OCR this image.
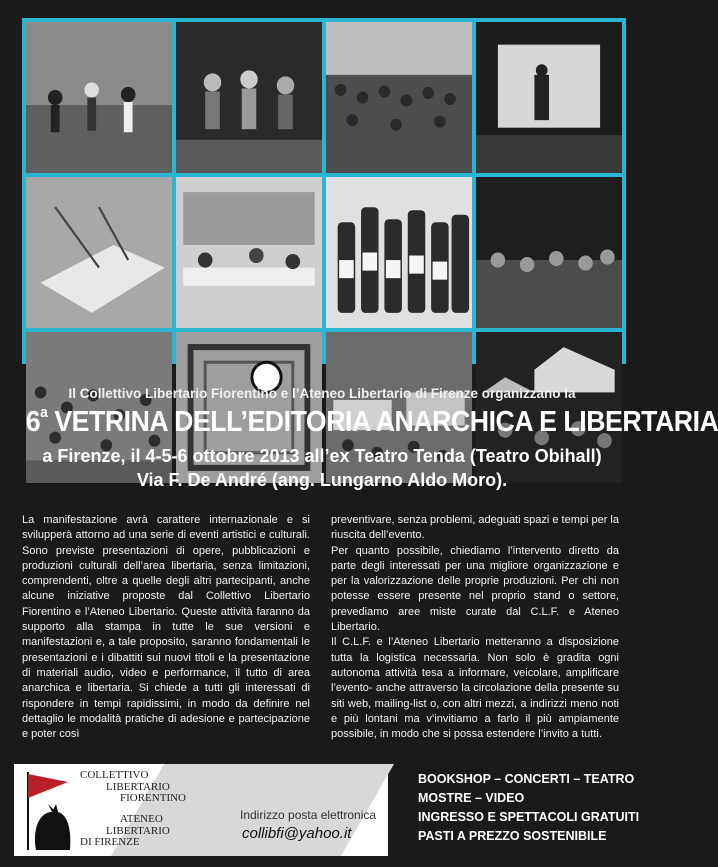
Il Collettivo Libertario Fiorentino e l’Ateneo Libertario di Firenze organizzano la
6$^a$ VETRINA DELL’EDITORIA ANARCHICA E LIBERTARIA
a Firenze, il 4-5-6 ottobre 2013 all’ex Teatro Tenda (Teatro Obihall)
Via F. De André (ang. Lungarno Aldo Moro).

La manifestazione avrà carattere internazionale e si svilupperà attorno ad una serie di eventi artistici e culturali. Sono previste presentazioni di opere, pubblicazioni e produzioni culturali dell’area libertaria, senza limitazioni, comprendenti, oltre a quelle degli altri partecipanti, anche alcune iniziative proposte dal Collettivo Libertario Fiorentino e l’Ateneo Libertario. Queste attività faranno da supporto alla stampa in tutte le sue versioni e manifestazioni e, a tale proposito, saranno fondamentali le presentazioni e i dibattiti sui nuovi titoli e la presentazione di materiali audio, video e performance, il tutto di area anarchica e libertaria. Si chiede a tutti gli interessati di rispondere in tempi rapidissimi, in modo da definire nel dettaglio le modalità pratiche di adesione e partecipazione e poter così

preventivare, senza problemi, adeguati spazi e tempi per la riuscita dell’evento.

Per quanto possibile, chiediamo l’intervento diretto da parte degli interessati per una migliore organizzazione e per la valorizzazione delle proprie produzioni. Per chi non potesse essere presente nel proprio stand o settore, prevediamo aree miste curate dal C.L.F. e Ateneo Libertario.

Il C.L.F. e l’Ateneo Libertario metteranno a disposizione tutta la logistica necessaria. Non solo è gradita ogni autonoma attività tesa a informare, veicolare, amplificare l’evento- anche attraverso la circolazione della presente su siti web, mailing-list o, con altri mezzi, a indirizzi meno noti e più lontani ma v’invitiamo a farlo il più ampiamente possibile, in modo che si possa estendere l’invito a tutti.

COLLETTIVO
LIBERTARIO
FIORENTINO
ATENEO
LIBERTARIO
DI FIRENZE
Indirizzo posta elettronica
collibfi@yahoo.it
BOOKSHOP – CONCERTI – TEATRO
MOSTRE – VIDEO
INGRESSO E SPETTACOLI GRATUITI
PASTI A PREZZO SOSTENIBILE
